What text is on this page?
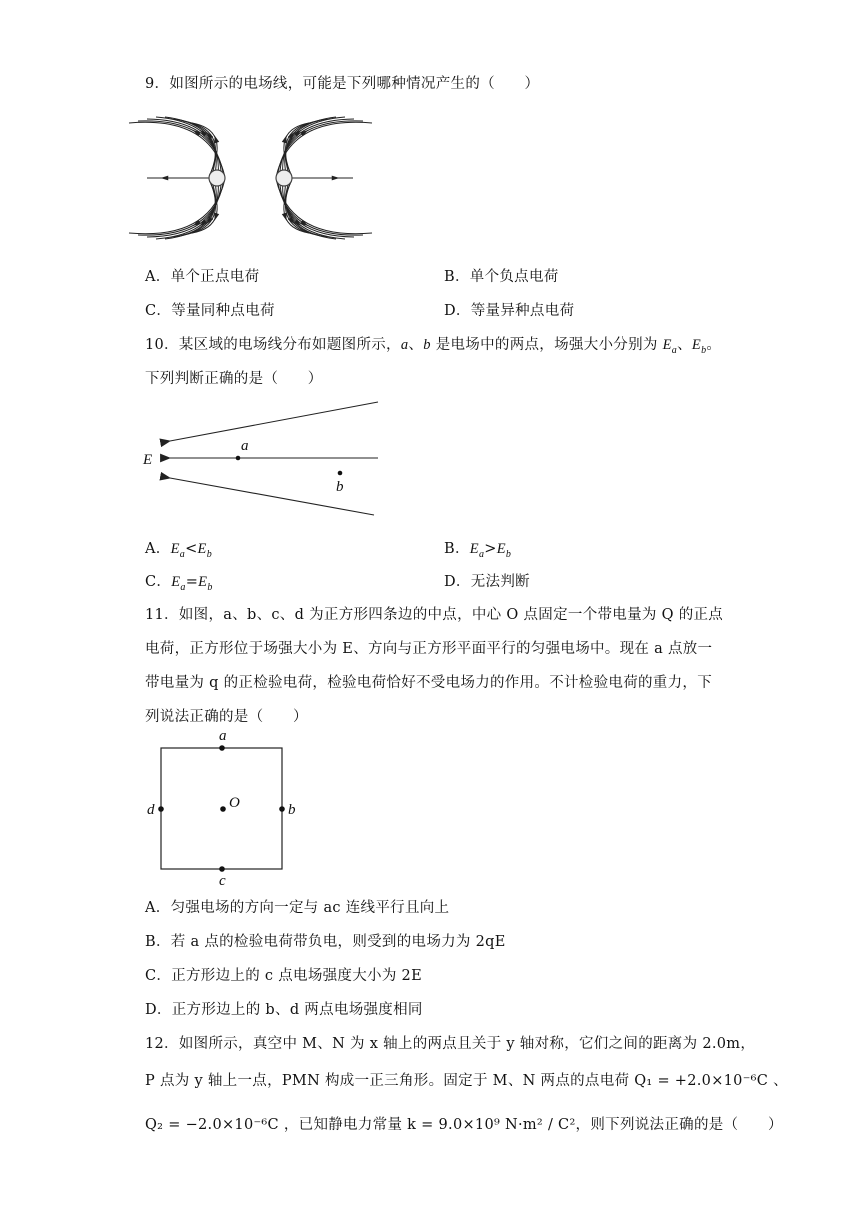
9．如图所示的电场线，可能是下列哪种情况产生的（　　）
A．单个正点电荷	B．单个负点电荷
C．等量同种点电荷	D．等量异种点电荷
10．某区域的电场线分布如题图所示，a、b 是电场中的两点，场强大小分别为 $E_a$、$E_b$。
下列判断正确的是（　　）
E
a
b
A．$E_a<E_b$	B．$E_a>E_b$
C．$E_a=E_b$	D．无法判断
11．如图，a、b、c、d 为正方形四条边的中点，中心 O 点固定一个带电量为 Q 的正点
电荷，正方形位于场强大小为 E、方向与正方形平面平行的匀强电场中。现在 a 点放一
带电量为 q 的正检验电荷，检验电荷恰好不受电场力的作用。不计检验电荷的重力，下
列说法正确的是（　　）
a
b
c
d	O
A．匀强电场的方向一定与 ac 连线平行且向上
B．若 a 点的检验电荷带负电，则受到的电场力为 2qE
C．正方形边上的 c 点电场强度大小为 2E
D．正方形边上的 b、d 两点电场强度相同
12．如图所示，真空中 M、N 为 x 轴上的两点且关于 y 轴对称，它们之间的距离为 2.0m，
P 点为 y 轴上一点，PMN 构成一正三角形。固定于 M、N 两点的点电荷 Q₁ = +2.0×10⁻⁶C 、
Q₂ = −2.0×10⁻⁶C ，已知静电力常量 k = 9.0×10⁹ N·m² / C²，则下列说法正确的是（　　）
